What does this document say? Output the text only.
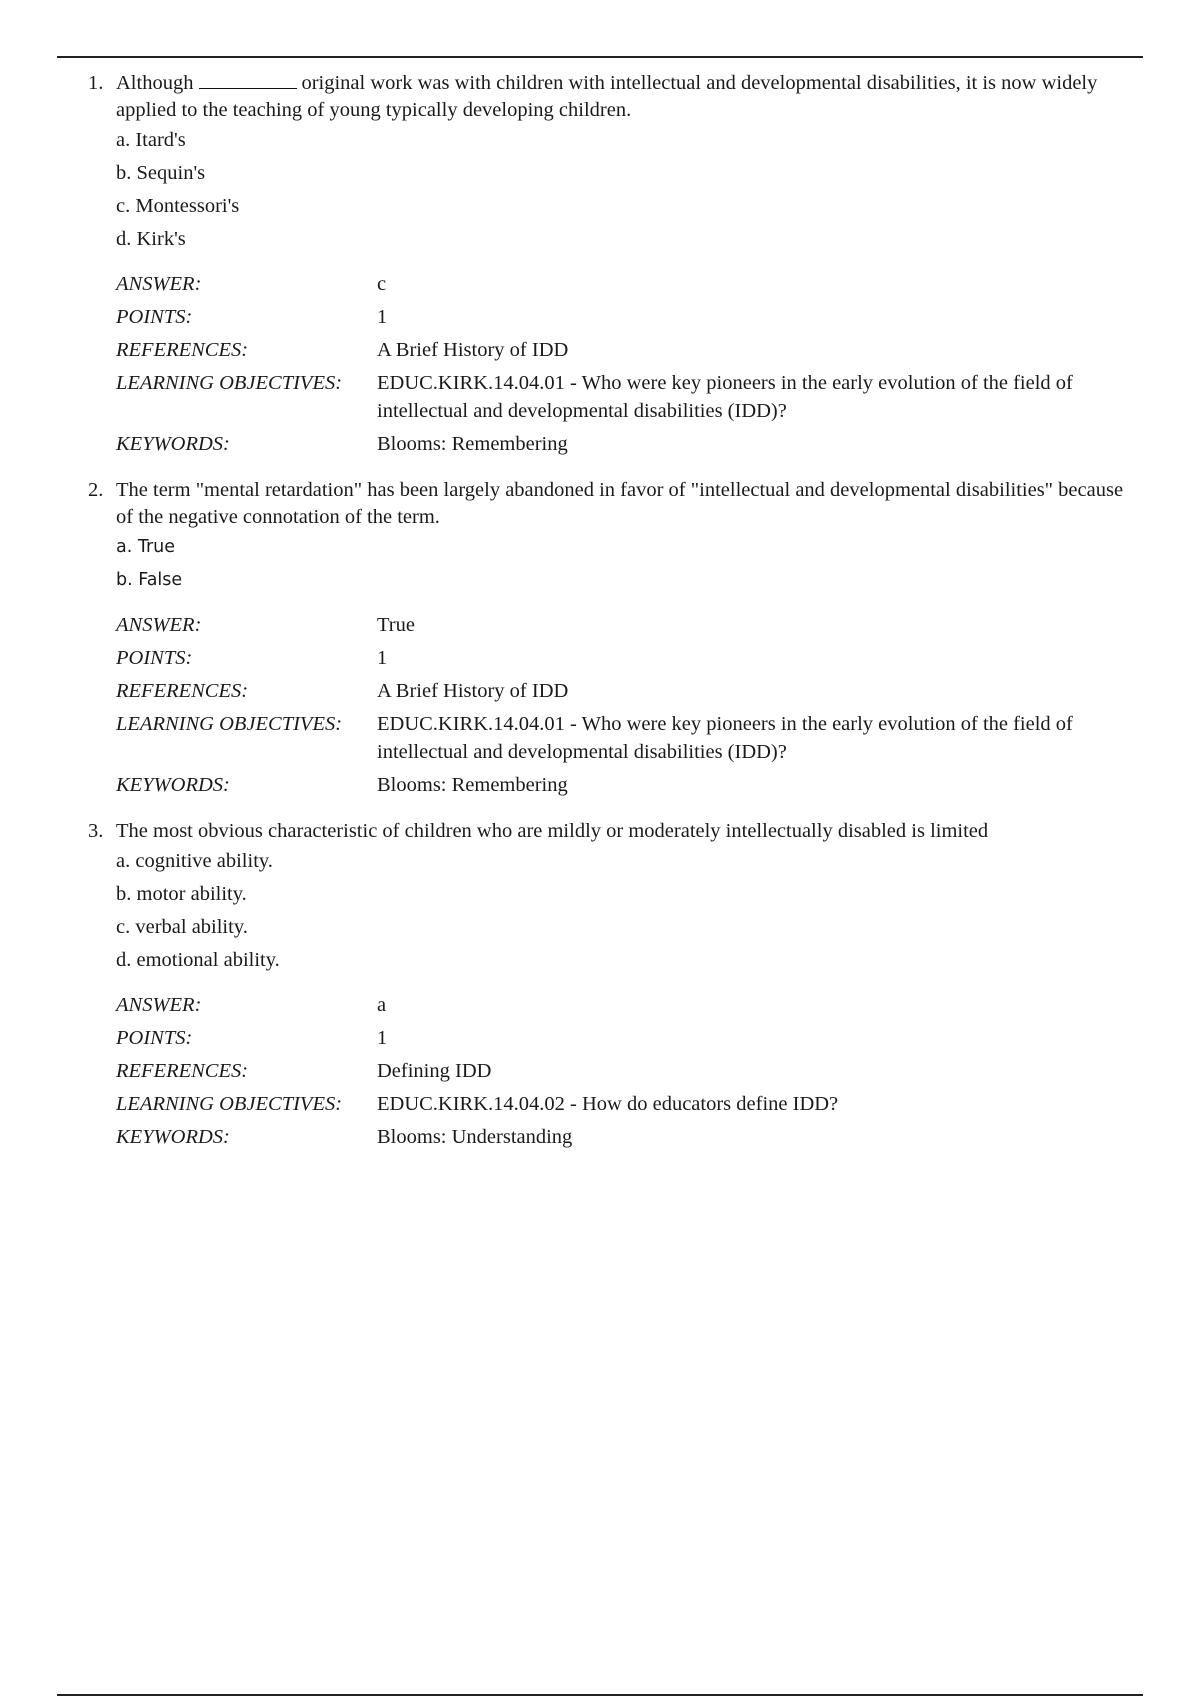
1. Although	original work was with children with intellectual and developmental disabilities, it is now widely applied to the teaching of young typically developing children.
a. Itard's
b. Sequin's
c. Montessori's
d. Kirk's
ANSWER:	c
POINTS:	1
REFERENCES:	A Brief History of IDD
LEARNING OBJECTIVES:	EDUC.KIRK.14.04.01 - Who were key pioneers in the early evolution of the field of intellectual and developmental disabilities (IDD)?
KEYWORDS:	Blooms: Remembering
2. The term "mental retardation" has been largely abandoned in favor of "intellectual and developmental disabilities" because of the negative connotation of the term.
a. True
b. False
ANSWER:	True
POINTS:	1
REFERENCES:	A Brief History of IDD
LEARNING OBJECTIVES:	EDUC.KIRK.14.04.01 - Who were key pioneers in the early evolution of the field of intellectual and developmental disabilities (IDD)?
KEYWORDS:	Blooms: Remembering
3. The most obvious characteristic of children who are mildly or moderately intellectually disabled is limited
a. cognitive ability.
b. motor ability.
c. verbal ability.
d. emotional ability.
ANSWER:	a
POINTS:	1
REFERENCES:	Defining IDD
LEARNING OBJECTIVES:	EDUC.KIRK.14.04.02 - How do educators define IDD?
KEYWORDS:	Blooms: Understanding
